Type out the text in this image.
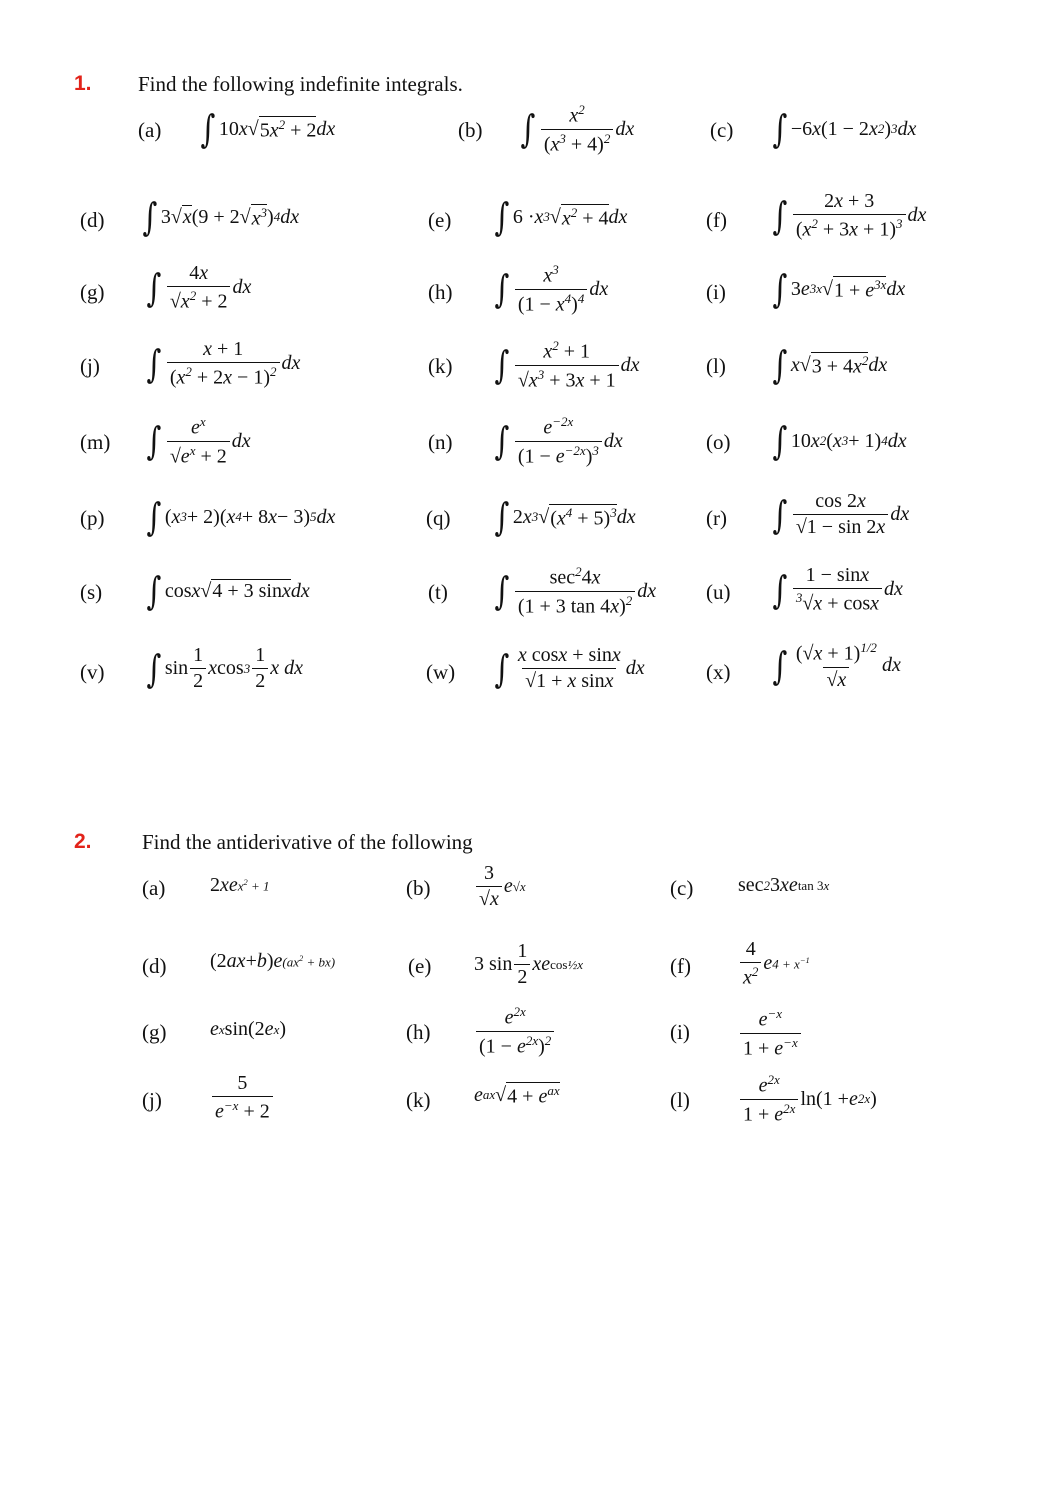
1. Find the following indefinite integrals.
(a) ∫ 10 x √ $5x^2 + 2$ dx	(b) ∫ $\frac{x^2}{(x^3 + 4)^2}$ dx	(c) ∫ −6 x (1 − 2 x 2 ) 3 dx
(d) ∫ 3 √ x (9 + 2 √ $x^3$ ) 4 dx	(e) ∫ 6 · x 3 √ $x^2 + 4$ dx	(f) ∫ $\frac{2x + 3}{(x^2 + 3x + 1)^3}$ dx
(g) ∫ $\frac{4x}{√x^2 + 2}$ dx	(h) ∫ $\frac{x^3}{(1 - x^4)^4}$ dx	(i) ∫ 3 e 3x √ $1 + e^{3x}$ dx
(j) ∫ $\frac{x + 1}{(x^2 + 2x - 1)^2}$ dx	(k) ∫ $\frac{x^2 + 1}{√x^3 + 3x + 1}$ dx	(l) ∫ x √ $3 + 4x^2$ dx
(m) ∫ $\frac{e^x}{√e^x + 2}$ dx	(n) ∫ $\frac{e^{-2x}}{(1 - e^{-2x})^3}$ dx	(o) ∫ 10 x 2 ( x 3 + 1) 4 dx
(p) ∫ ( x 3 + 2)( x 4 + 8 x − 3) 5 dx	(q) ∫ 2 x 3 √ $(x^4 + 5)^3$ dx	(r) ∫ $\frac{\cos 2x}{√1 - \sin 2x}$ dx
(s) ∫ cos x √ 4 + 3 sinx dx	(t) ∫ $\frac{\sec^24x}{(1 + 3 \tan 4x)^2}$ dx (u) ∫ $\frac{1 - \sin x}{^3√x + \cos x}$ dx
(v) ∫ $\sin \frac{1}{2}$ x $\cos 3 \frac{1}{2}$ x dx	(w) ∫ $\frac{\text{x cosx + sinx}}{\text{√1 + x sinx}}$ dx	(x) ∫ $\frac{(√x + 1)^{1/2}}{√x}$ dx
2. Find the antiderivative of the following
(a) 2 xe $x^2 + 1$	$(b) \frac{3}{√x}$ e √x	(c) sec 2 3 xe tan 3x
(d) (2 ax + b ) e $(ax^2 + bx)$	(e) 3 $\sin \frac{1}{2}$ xe cos½x	$(f) \frac{4}{x^2}$ e $4 + x^{-1}$
(g) e x sin(2 e x )	$(h) \frac{e^{2x}}{(1 - e^{2x})^2}$	(i)	$\frac{e^{-x}}{1 + e^{-x}}$
(j)	$\frac{5}{e^{-x} + 2}$	(k) e ax √ $4 + e^{ax}$	(l)	$\frac{e^{2x}}{1 + e^{2x}} \ln(1 + e$ 2x )
